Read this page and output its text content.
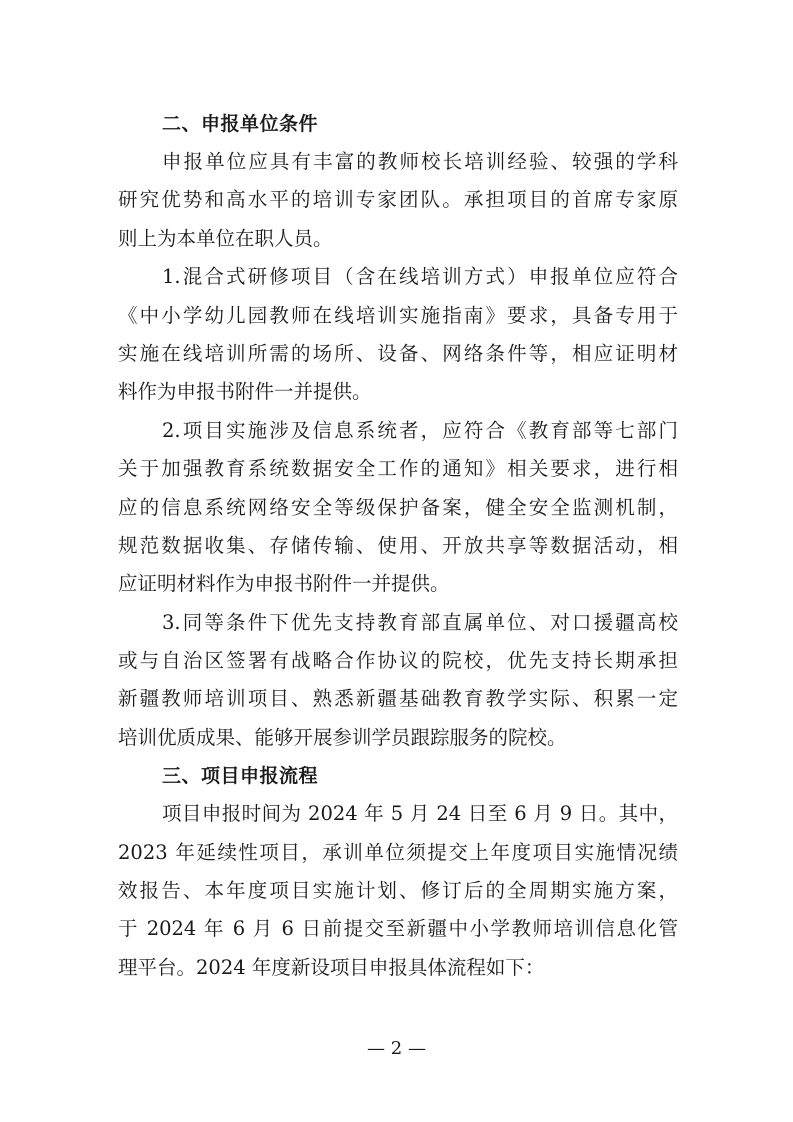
二、申报单位条件
申报单位应具有丰富的教师校长培训经验、较强的学科
研究优势和高水平的培训专家团队。承担项目的首席专家原
则上为本单位在职人员。
1.混合式研修项目（含在线培训方式）申报单位应符合
《中小学幼儿园教师在线培训实施指南》要求，具备专用于
实施在线培训所需的场所、设备、网络条件等，相应证明材
料作为申报书附件一并提供。
2.项目实施涉及信息系统者，应符合《教育部等七部门
关于加强教育系统数据安全工作的通知》相关要求，进行相
应的信息系统网络安全等级保护备案，健全安全监测机制，
规范数据收集、存储传输、使用、开放共享等数据活动，相
应证明材料作为申报书附件一并提供。
3.同等条件下优先支持教育部直属单位、对口援疆高校
或与自治区签署有战略合作协议的院校，优先支持长期承担
新疆教师培训项目、熟悉新疆基础教育教学实际、积累一定
培训优质成果、能够开展参训学员跟踪服务的院校。
三、项目申报流程
项目申报时间为 2024 年 5 月 24 日至 6 月 9 日。其中，
2023 年延续性项目，承训单位须提交上年度项目实施情况绩
效报告、本年度项目实施计划、修订后的全周期实施方案，
于 2024 年 6 月 6 日前提交至新疆中小学教师培训信息化管
理平台。2024 年度新设项目申报具体流程如下：
— 2 —
